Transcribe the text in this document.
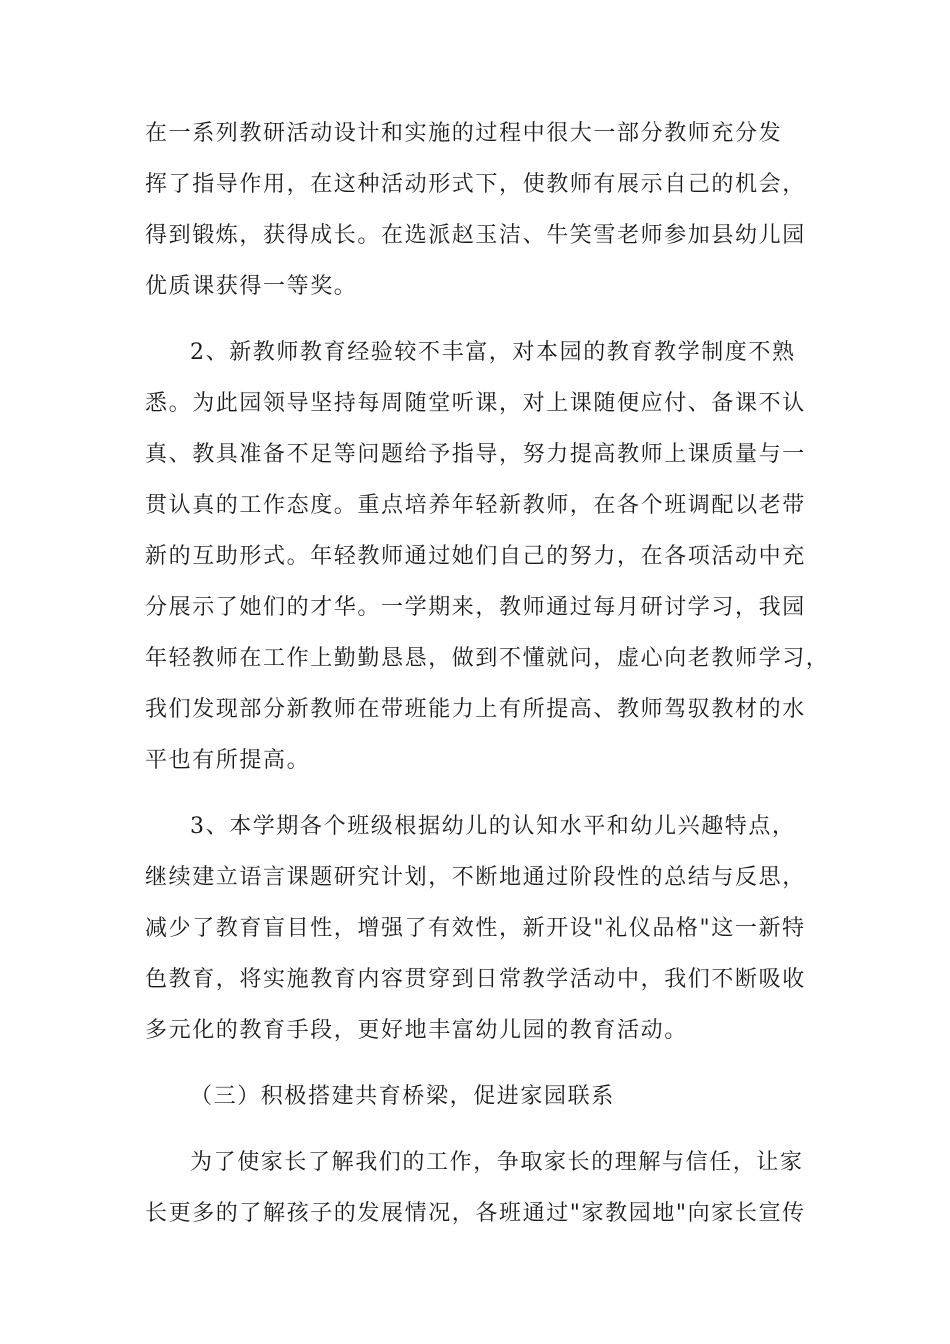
在一系列教研活动设计和实施的过程中很大一部分教师充分发
挥了指导作用，在这种活动形式下，使教师有展示自己的机会，
得到锻炼，获得成长。在选派赵玉洁、牛笑雪老师参加县幼儿园
优质课获得一等奖。
2、新教师教育经验较不丰富，对本园的教育教学制度不熟
悉。为此园领导坚持每周随堂听课，对上课随便应付、备课不认
真、教具准备不足等问题给予指导，努力提高教师上课质量与一
贯认真的工作态度。重点培养年轻新教师，在各个班调配以老带
新的互助形式。年轻教师通过她们自己的努力，在各项活动中充
分展示了她们的才华。一学期来，教师通过每月研讨学习，我园
年轻教师在工作上勤勤恳恳，做到不懂就问，虚心向老教师学习，
我们发现部分新教师在带班能力上有所提高、教师驾驭教材的水
平也有所提高。
3、本学期各个班级根据幼儿的认知水平和幼儿兴趣特点，
继续建立语言课题研究计划，不断地通过阶段性的总结与反思，
减少了教育盲目性，增强了有效性，新开设"礼仪品格"这一新特
色教育，将实施教育内容贯穿到日常教学活动中，我们不断吸收
多元化的教育手段，更好地丰富幼儿园的教育活动。
（三）积极搭建共育桥梁，促进家园联系
为了使家长了解我们的工作，争取家长的理解与信任，让家
长更多的了解孩子的发展情况，各班通过"家教园地"向家长宣传
